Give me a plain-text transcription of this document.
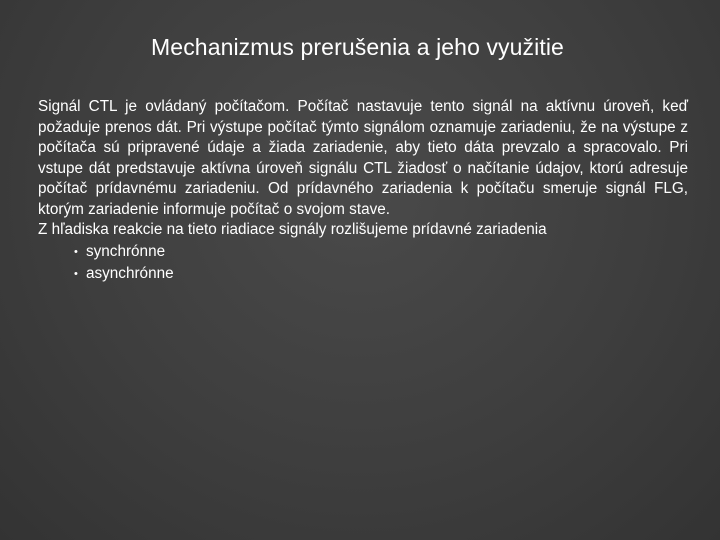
Mechanizmus prerušenia a jeho využitie

Signál CTL je ovládaný počítačom. Počítač nastavuje tento signál na aktívnu úroveň, keď požaduje prenos dát. Pri výstupe počítač týmto signálom oznamuje zariadeniu, že na výstupe z počítača sú pripravené údaje a žiada zariadenie, aby tieto dáta prevzalo a spracovalo. Pri vstupe dát predstavuje aktívna úroveň signálu CTL žiadosť o načítanie údajov, ktorú adresuje počítač prídavnému zariadeniu. Od prídavného zariadenia k počítaču smeruje signál FLG, ktorým zariadenie informuje počítač o svojom stave.

Z hľadiska reakcie na tieto riadiace signály rozlišujeme prídavné zariadenia

• synchrónne
• asynchrónne
